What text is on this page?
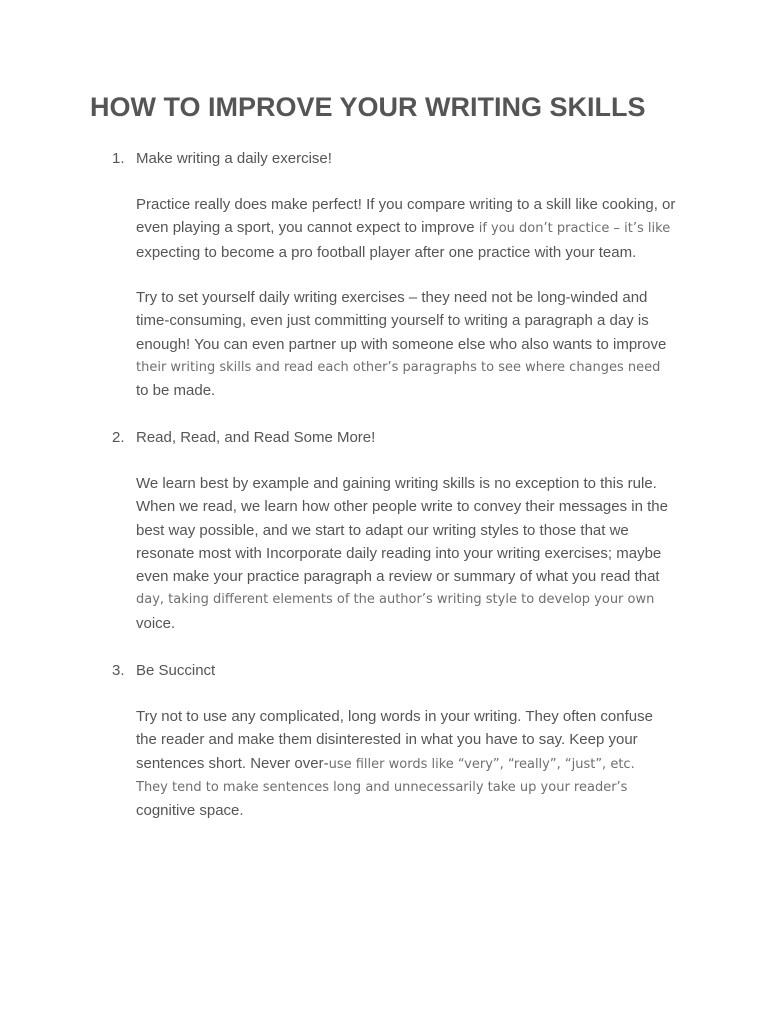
HOW TO IMPROVE YOUR WRITING SKILLS
1. Make writing a daily exercise!
Practice really does make perfect! If you compare writing to a skill like cooking, or
even playing a sport, you cannot expect to improve if you don’t practice – it’s like
expecting to become a pro football player after one practice with your team.
Try to set yourself daily writing exercises – they need not be long-winded and
time-consuming, even just committing yourself to writing a paragraph a day is
enough! You can even partner up with someone else who also wants to improve
their writing skills and read each other’s paragraphs to see where changes need
to be made.
2. Read, Read, and Read Some More!
We learn best by example and gaining writing skills is no exception to this rule.
When we read, we learn how other people write to convey their messages in the
best way possible, and we start to adapt our writing styles to those that we
resonate most with Incorporate daily reading into your writing exercises; maybe
even make your practice paragraph a review or summary of what you read that
day, taking different elements of the author’s writing style to develop your own
voice.
3. Be Succinct
Try not to use any complicated, long words in your writing. They often confuse
the reader and make them disinterested in what you have to say. Keep your
sentences short. Never over-use filler words like “very”, “really”, “just”, etc.
They tend to make sentences long and unnecessarily take up your reader’s
cognitive space.
